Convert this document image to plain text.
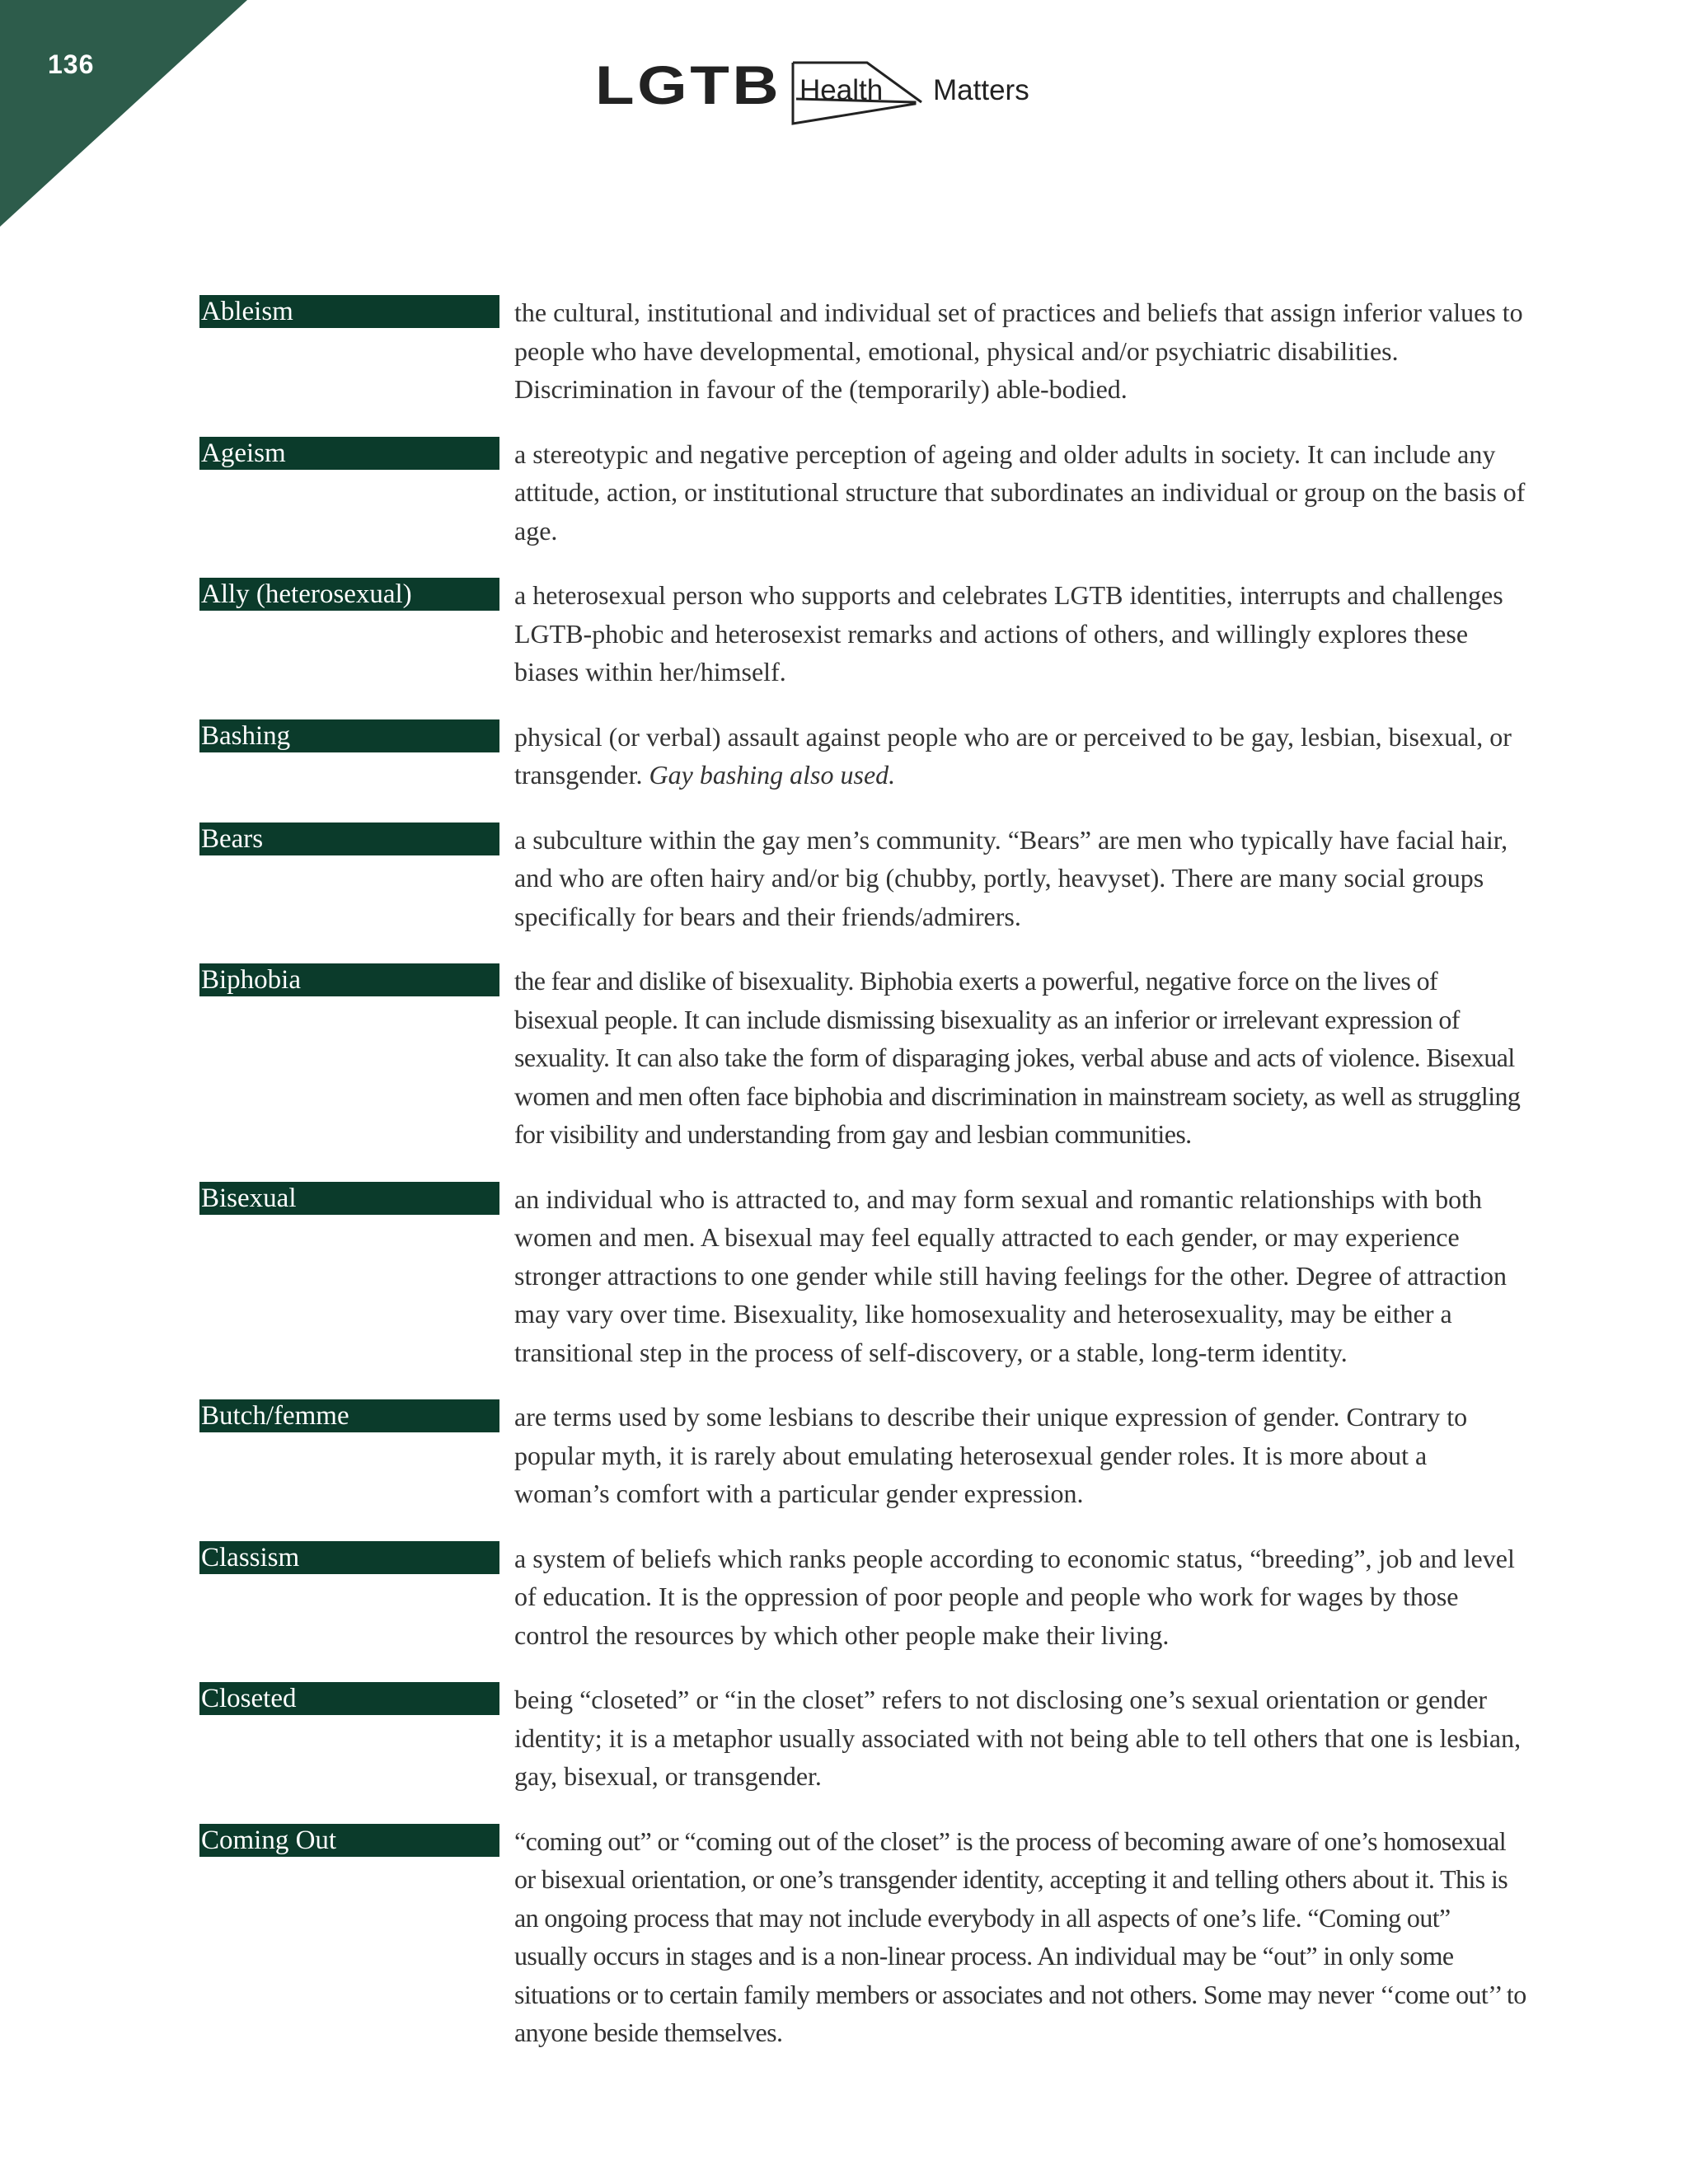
136	LGTB Health Matters
Ableism	the cultural, institutional and individual set of practices and beliefs that assign inferior values to people who have developmental, emotional, physical and/or psychiatric disabilities. Discrimination in favour of the (temporarily) able-bodied.
Ageism	a stereotypic and negative perception of ageing and older adults in society. It can include any attitude, action, or institutional structure that subordinates an individual or group on the basis of age.
Ally (heterosexual)	a heterosexual person who supports and celebrates LGTB identities, interrupts and challenges LGTB-phobic and heterosexist remarks and actions of others, and willingly explores these biases within her/himself.
Bashing	physical (or verbal) assault against people who are or perceived to be gay, lesbian, bisexual, or transgender. Gay bashing also used.
Bears	a subculture within the gay men’s community. “Bears” are men who typically have facial hair, and who are often hairy and/or big (chubby, portly, heavyset). There are many social groups specifically for bears and their friends/admirers.
Biphobia	the fear and dislike of bisexuality. Biphobia exerts a powerful, negative force on the lives of bisexual people. It can include dismissing bisexuality as an inferior or irrelevant expression of sexuality. It can also take the form of disparaging jokes, verbal abuse and acts of violence. Bisexual women and men often face biphobia and discrimination in mainstream society, as well as struggling for visibility and understanding from gay and lesbian communities.
Bisexual	an individual who is attracted to, and may form sexual and romantic relationships with both women and men. A bisexual may feel equally attracted to each gender, or may experience stronger attractions to one gender while still having feelings for the other. Degree of attraction may vary over time. Bisexuality, like homosexuality and heterosexuality, may be either a transitional step in the process of self-discovery, or a stable, long-term identity.
Butch/femme	are terms used by some lesbians to describe their unique expression of gender. Contrary to popular myth, it is rarely about emulating heterosexual gender roles. It is more about a woman’s comfort with a particular gender expression.
Classism	a system of beliefs which ranks people according to economic status, “breeding”, job and level of education. It is the oppression of poor people and people who work for wages by those control the resources by which other people make their living.
Closeted	being “closeted” or “in the closet” refers to not disclosing one’s sexual orientation or gender identity; it is a metaphor usually associated with not being able to tell others that one is lesbian, gay, bisexual, or transgender.
Coming Out	“coming out” or “coming out of the closet” is the process of becoming aware of one’s homosexual or bisexual orientation, or one’s transgender identity, accepting it and telling others about it. This is an ongoing process that may not include everybody in all aspects of one’s life. “Coming out” usually occurs in stages and is a non-linear process. An individual may be “out” in only some situations or to certain family members or associates and not others. Some may never ‘‘come out’’ to anyone beside themselves.
